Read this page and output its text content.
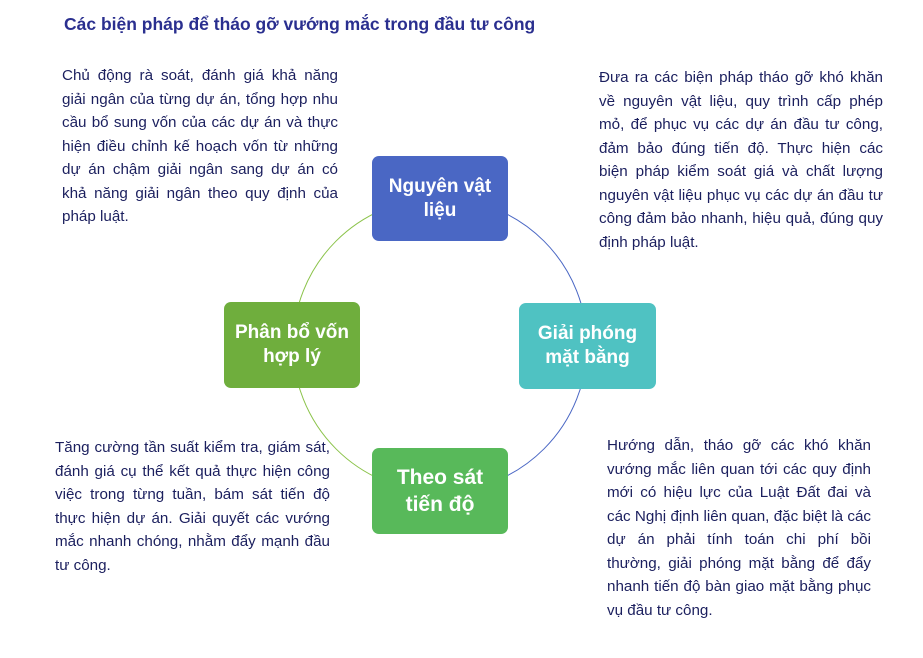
Các biện pháp để tháo gỡ vướng mắc trong đầu tư công

Chủ động rà soát, đánh giá khả năng giải ngân của từng dự án, tổng hợp nhu cầu bổ sung vốn của các dự án và thực hiện điều chỉnh kế hoạch vốn từ những dự án chậm giải ngân sang dự án có khả năng giải ngân theo quy định của pháp luật.

Đưa ra các biện pháp tháo gỡ khó khăn về nguyên vật liệu, quy trình cấp phép mỏ, để phục vụ các dự án đầu tư công, đảm bảo đúng tiến độ. Thực hiện các biện pháp kiểm soát giá và chất lượng nguyên vật liệu phục vụ các dự án đầu tư công đảm bảo nhanh, hiệu quả, đúng quy định pháp luật.

Tăng cường tần suất kiểm tra, giám sát, đánh giá cụ thể kết quả thực hiện công việc trong từng tuần, bám sát tiến độ thực hiện dự án. Giải quyết các vướng mắc nhanh chóng, nhằm đẩy mạnh đầu tư công.

Hướng dẫn, tháo gỡ các khó khăn vướng mắc liên quan tới các quy định mới có hiệu lực của Luật Đất đai và các Nghị định liên quan, đặc biệt là các dự án phải tính toán chi phí bồi thường, giải phóng mặt bằng để đẩy nhanh tiến độ bàn giao mặt bằng phục vụ đầu tư công.

Nguyên vật liệu
Giải phóng mặt bằng
Theo sát tiến độ
Phân bổ vốn hợp lý
